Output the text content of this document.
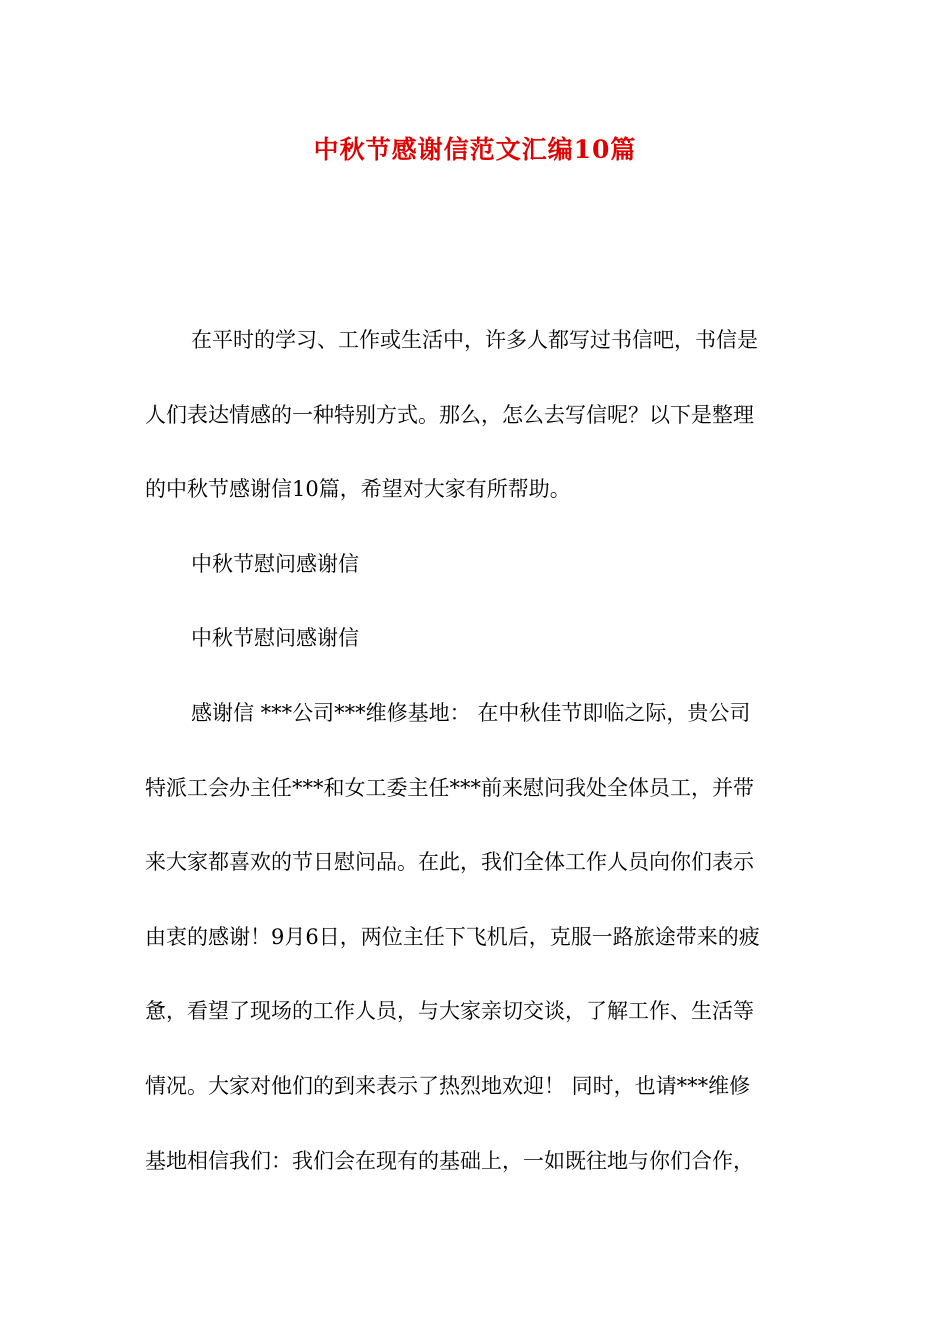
中秋节感谢信范文汇编10篇
在平时的学习、工作或生活中，许多人都写过书信吧，书信是
人们表达情感的一种特别方式。那么，怎么去写信呢？以下是整理
的中秋节感谢信10篇，希望对大家有所帮助。
中秋节慰问感谢信
中秋节慰问感谢信
感谢信 ***公司***维修基地： 在中秋佳节即临之际，贵公司
特派工会办主任***和女工委主任***前来慰问我处全体员工，并带
来大家都喜欢的节日慰问品。在此，我们全体工作人员向你们表示
由衷的感谢！9月6日，两位主任下飞机后，克服一路旅途带来的疲
惫，看望了现场的工作人员，与大家亲切交谈，了解工作、生活等
情况。大家对他们的到来表示了热烈地欢迎！ 同时，也请***维修
基地相信我们：我们会在现有的基础上，一如既往地与你们合作，
